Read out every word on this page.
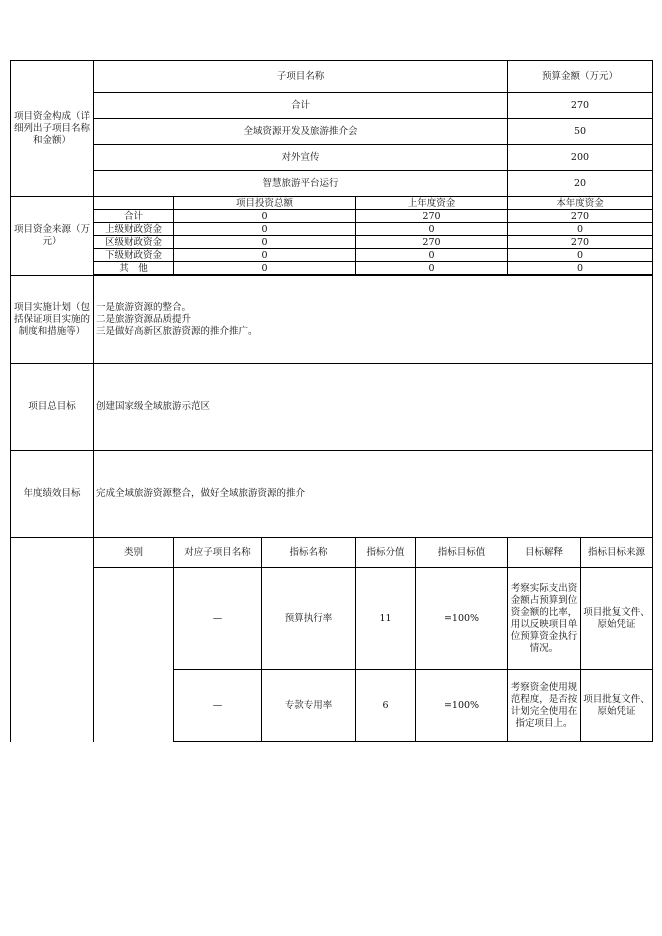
项目资金构成（详细列出子项目名称和金额）	子项目名称					预算金额（万元）	
	合计					270	
	全域资源开发及旅游推介会					50	
	对外宣传					200	
	智慧旅游平台运行					20	
项目资金来源（万元）		项目投资总额		上年度资金		本年度资金	
	合计	0		270		270	
	上级财政资金	0		0		0	
	区级财政资金	0		270		270	
	下级财政资金	0		0		0	
	其　他	0		0		0	

项目实施计划（包括保证项目实施的制度和措施等）	一是旅游资源的整合。
二是旅游资源品质提升
三是做好高新区旅游资源的推介推广。						
项目总目标	创建国家级全域旅游示范区						
年度绩效目标	完成全域旅游资源整合，做好全域旅游资源的推介						
	类别	对应子项目名称	指标名称	指标分值	指标目标值	目标解释	指标目标来源
		—	预算执行率	11	=100%	考察实际支出资金额占预算到位资金额的比率，用以反映项目单位预算资金执行情况。	项目批复文件、原始凭证
		—	专款专用率	6	=100%	考察资金使用规范程度，是否按计划完全使用在指定项目上。	项目批复文件、原始凭证
